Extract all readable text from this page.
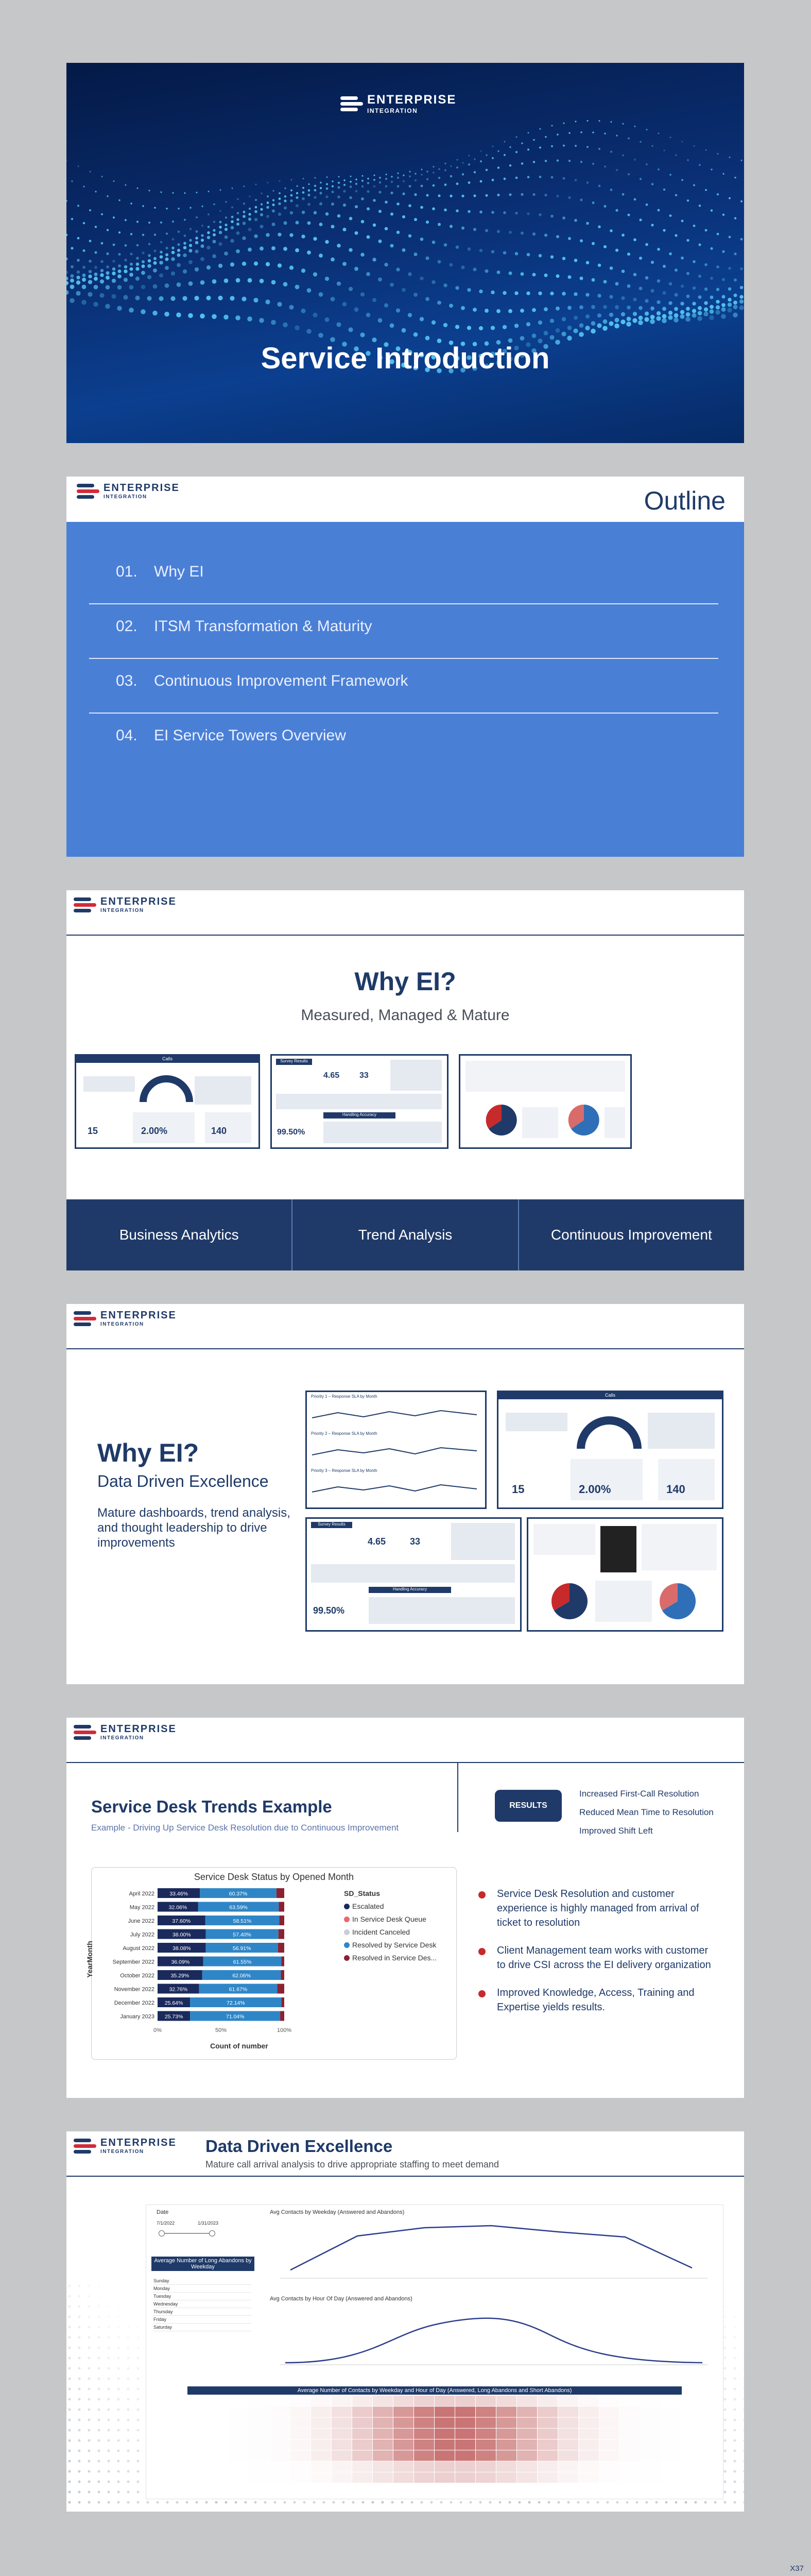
ENTERPRISE
INTEGRATION
Service Introduction
ENTERPRISE
INTEGRATION	Outline
01. Why EI
02. ITSM Transformation & Maturity
03. Continuous Improvement Framework
04. EI Service Towers Overview
ENTERPRISE
INTEGRATION
Why EI?
Measured, Managed & Mature
Calls
15	2.00%	140
Survey Results
4.65 33
Handling Accuracy
99.50%
Business Analytics	Trend Analysis	Continuous Improvement
ENTERPRISE
INTEGRATION
Why EI?
Data Driven Excellence
Mature dashboards, trend analysis, and thought leadership to drive improvements
Priority 1 – Response SLA by Month
Priority 2 – Response SLA by Month
Priority 3 – Response SLA by Month
Calls
15	2.00%	140
Survey Results
4.65	33
Handling Accuracy
99.50%
ENTERPRISE
INTEGRATION
Service Desk Trends Example
Example - Driving Up Service Desk Resolution due to Continuous Improvement
RESULTS
Increased First-Call Resolution
Reduced Mean Time to Resolution
Improved Shift Left
Service Desk Status by Opened Month
YearMonth
Count of number
April 2022	33.46%	60.37%
May 2022	32.06%	63.59%
June 2022	37.60%	58.51%
July 2022	38.00%	57.40%
August 2022	38.08%	56.91%
September 2022	36.09%	61.55%
October 2022	35.29%	62.06%
November 2022	32.76%	61.67%
December 2022 25.64%	72.14%
January 2023 25.73%	71.04%
0%	50%	100%
SD_Status
Escalated
In Service Desk Queue
Incident Canceled
Resolved by Service Desk
Resolved in Service Des...
Service Desk Resolution and customer experience is highly managed from arrival of ticket to resolution
Client Management team works with customer to drive CSI across the EI delivery organization
Improved Knowledge, Access, Training and Expertise yields results.
ENTERPRISE
INTEGRATION	Data Driven Excellence
Mature call arrival analysis to drive appropriate staffing to meet demand
Date
7/1/2022	1/31/2023
Average Number of Long Abandons by Weekday
Sunday
Monday
Tuesday
Wednesday
Thursday
Friday
Saturday
Avg Contacts by Weekday (Answered and Abandons)
Avg Contacts by Hour Of Day (Answered and Abandons)
Average Number of Contacts by Weekday and Hour of Day (Answered, Long Abandons and Short Abandons)
X37
